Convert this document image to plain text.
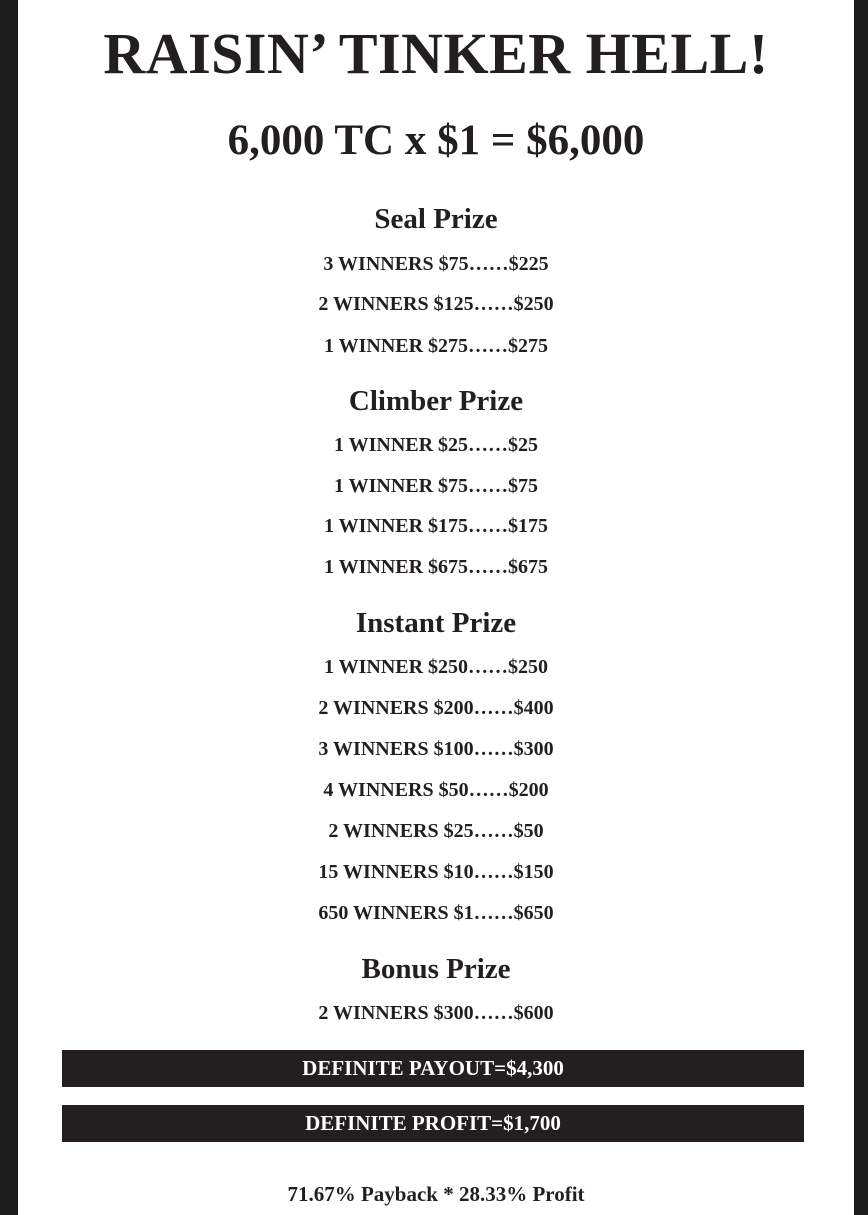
RAISIN’ TINKER HELL!
6,000 TC x $1 = $6,000
Seal Prize
3 WINNERS $75……$225
2 WINNERS $125……$250
1 WINNER $275……$275
Climber Prize
1 WINNER $25……$25
1 WINNER $75……$75
1 WINNER $175……$175
1 WINNER $675……$675
Instant Prize
1 WINNER $250……$250
2 WINNERS $200……$400
3 WINNERS $100……$300
4 WINNERS $50……$200
2 WINNERS $25……$50
15 WINNERS $10……$150
650 WINNERS $1……$650
Bonus Prize
2 WINNERS $300……$600
DEFINITE PAYOUT=$4,300
DEFINITE PROFIT=$1,700
71.67% Payback * 28.33% Profit
